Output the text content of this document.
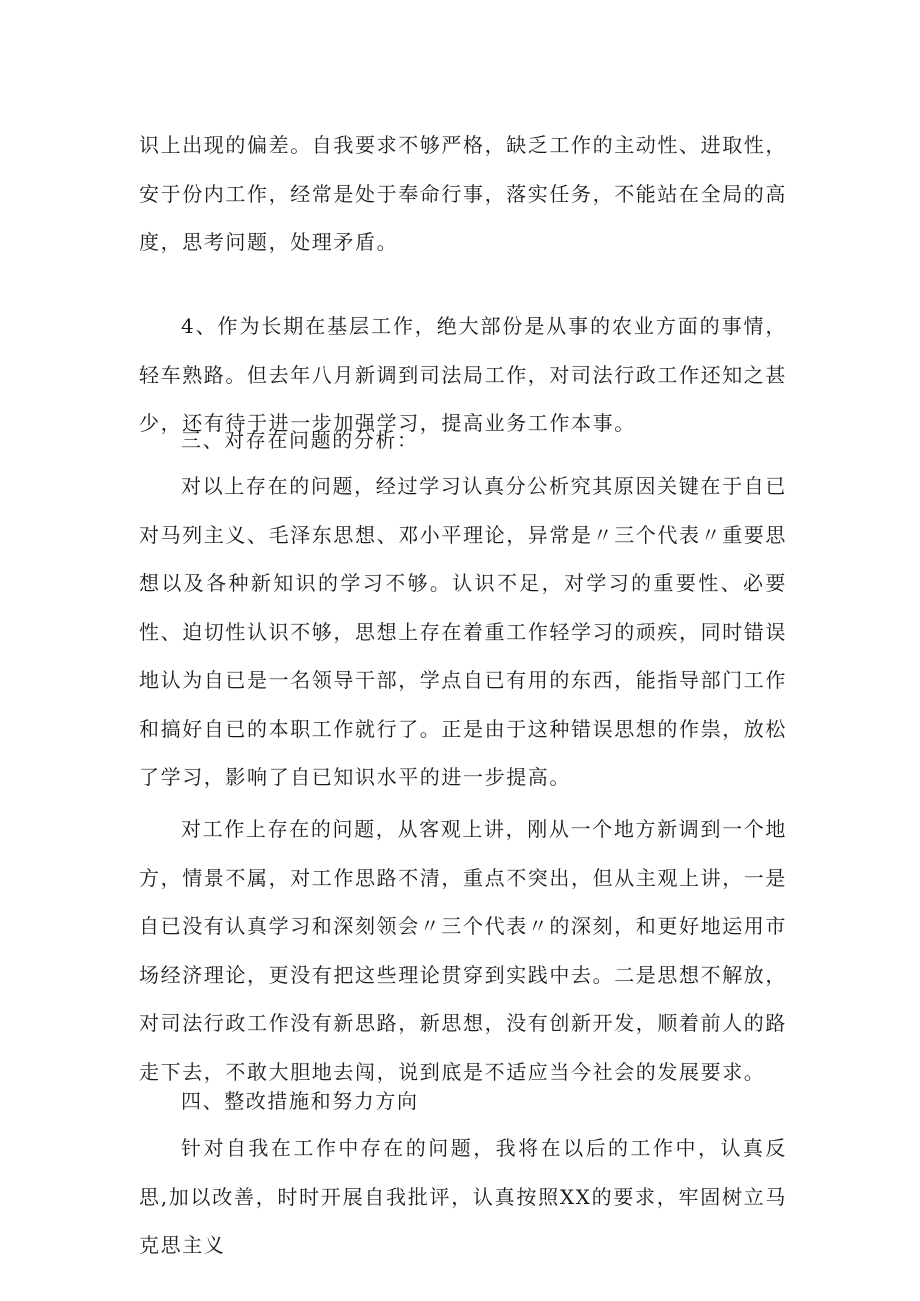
识上出现的偏差。自我要求不够严格，缺乏工作的主动性、进取性，安于份内工作，经常是处于奉命行事，落实任务，不能站在全局的高度，思考问题，处理矛盾。

4、作为长期在基层工作，绝大部份是从事的农业方面的事情，轻车熟路。但去年八月新调到司法局工作，对司法行政工作还知之甚少，还有待于进一步加强学习，提高业务工作本事。

三、对存在问题的分析：

对以上存在的问题，经过学习认真分公析究其原因关键在于自已对马列主义、毛泽东思想、邓小平理论，异常是〃三个代表〃重要思想以及各种新知识的学习不够。认识不足，对学习的重要性、必要性、迫切性认识不够，思想上存在着重工作轻学习的顽疾，同时错误地认为自已是一名领导干部，学点自已有用的东西，能指导部门工作和搞好自已的本职工作就行了。正是由于这种错误思想的作祟，放松了学习，影响了自已知识水平的进一步提高。

对工作上存在的问题，从客观上讲，刚从一个地方新调到一个地方，情景不属，对工作思路不清，重点不突出，但从主观上讲，一是自已没有认真学习和深刻领会〃三个代表〃的深刻，和更好地运用市场经济理论，更没有把这些理论贯穿到实践中去。二是思想不解放，对司法行政工作没有新思路，新思想，没有创新开发，顺着前人的路走下去，不敢大胆地去闯，说到底是不适应当今社会的发展要求。

四、整改措施和努力方向

针对自我在工作中存在的问题，我将在以后的工作中，认真反思,加以改善，时时开展自我批评，认真按照XX的要求，牢固树立马克思主义
